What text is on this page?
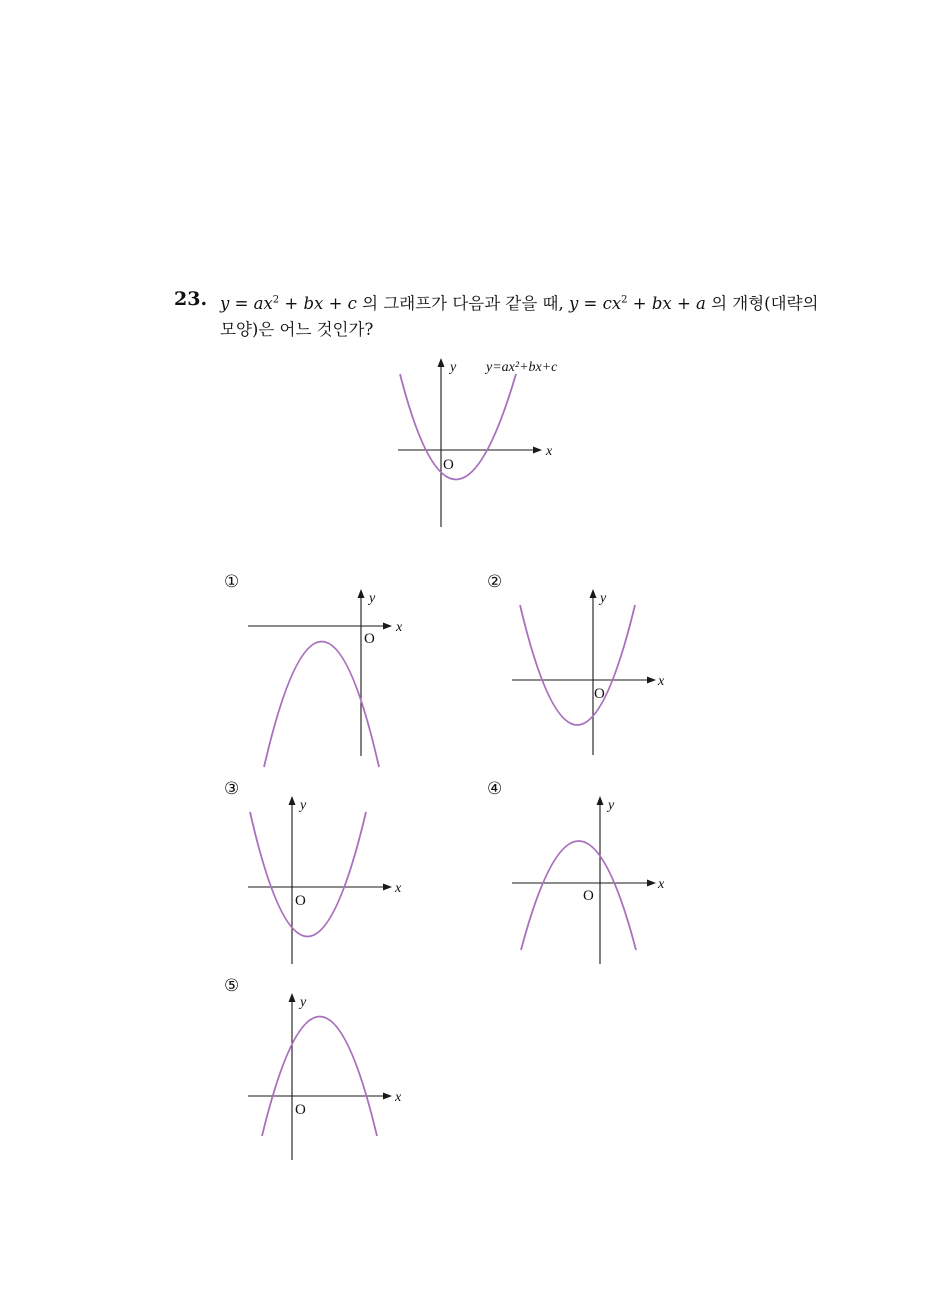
23. $y = ax^2$ + bx + c 의 그래프가 다음과 같을 때, $y = cx^2$ + bx + a 의 개형(대략의
모양)은 어느 것인가?
x
y
O
y=ax²+bx+c
①
x
y
O
②
x
y
O
③
x
y
O
④
x
y
O
⑤
x
y
O
